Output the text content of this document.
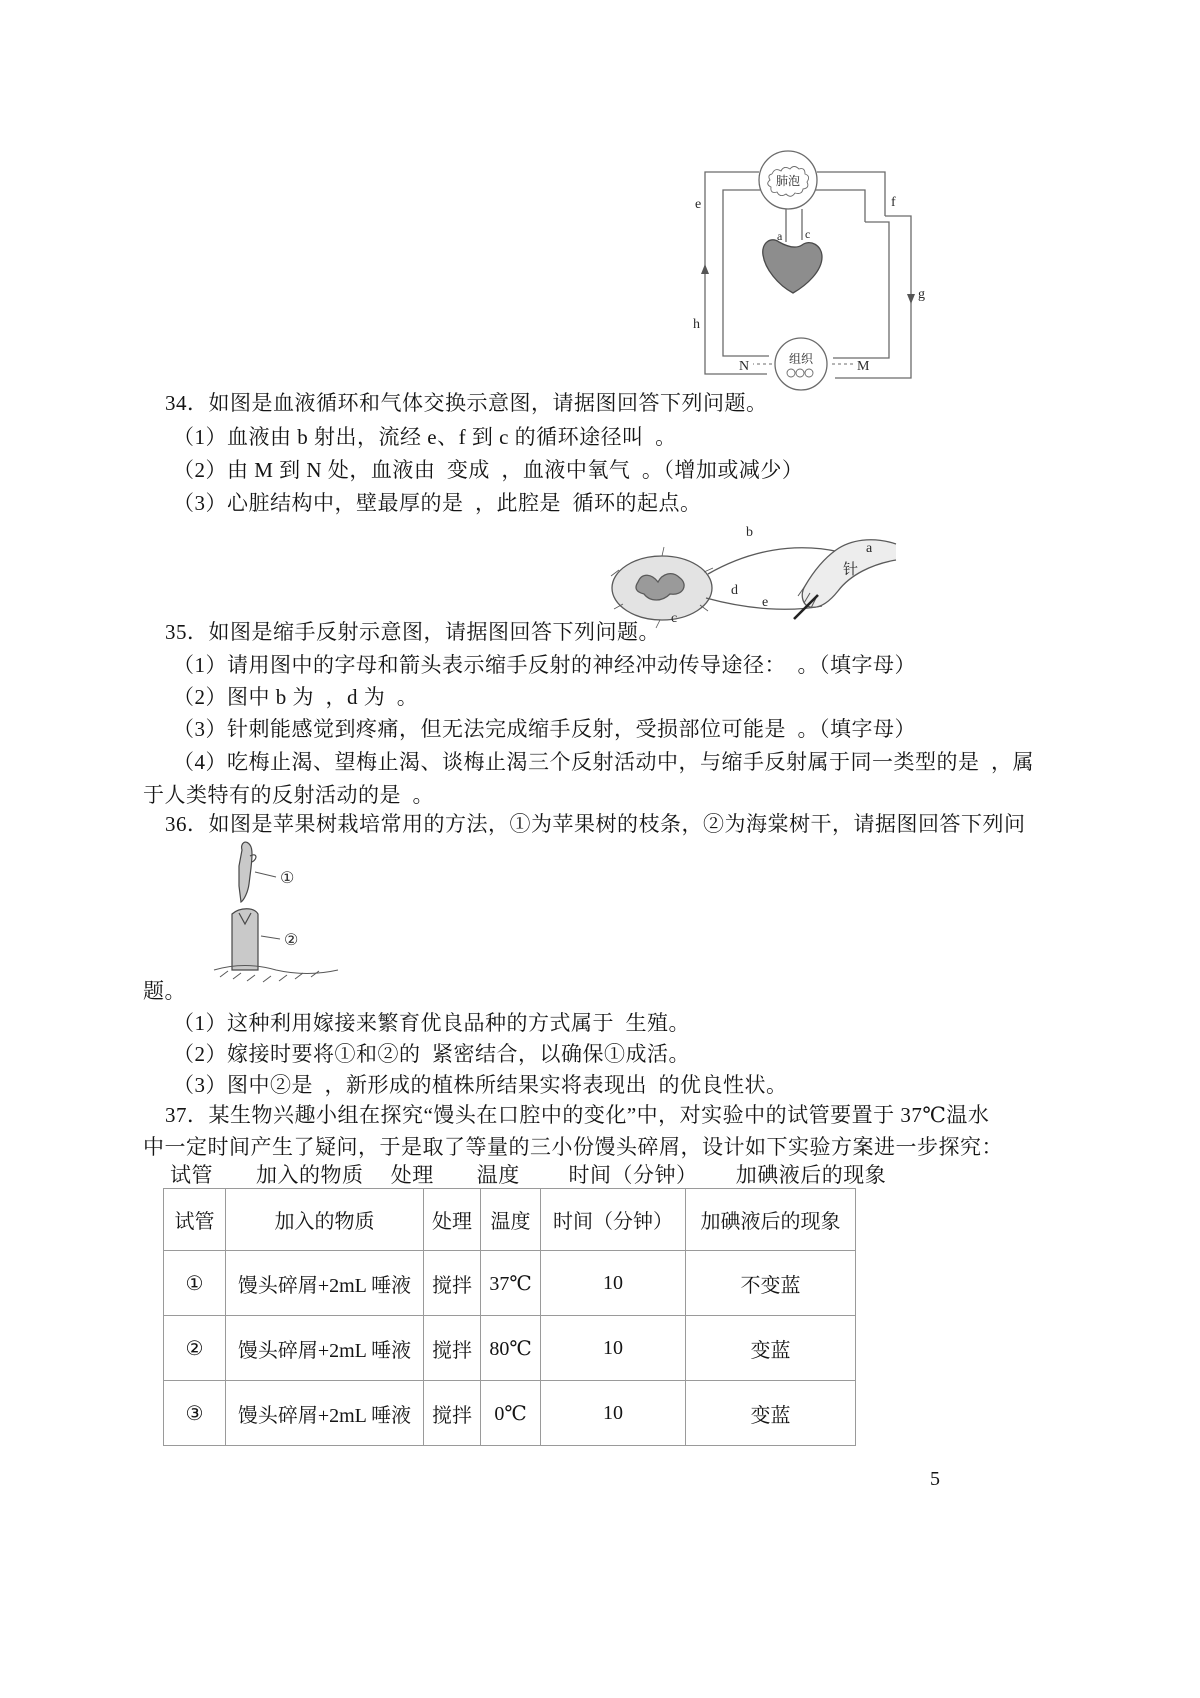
e	f
g
h
N	M
a c
肺泡
组织
34．如图是血液循环和气体交换示意图，请据图回答下列问题。
（1）血液由 b 射出，流经 e、f 到 c 的循环途径叫  。
（2）由 M 到 N 处，血液由  变成  ，血液中氧气  。（增加或减少）
（3）心脏结构中，壁最厚的是  ，此腔是  循环的起点。
b
a
d
e
c
针
35．如图是缩手反射示意图，请据图回答下列问题。
（1）请用图中的字母和箭头表示缩手反射的神经冲动传导途径：  。（填字母）
（2）图中 b 为  ，d 为  。
（3）针刺能感觉到疼痛，但无法完成缩手反射，受损部位可能是  。（填字母）
（4）吃梅止渴、望梅止渴、谈梅止渴三个反射活动中，与缩手反射属于同一类型的是  ，属
于人类特有的反射活动的是  。
36．如图是苹果树栽培常用的方法，①为苹果树的枝条，②为海棠树干，请据图回答下列问
①
②
题。
（1）这种利用嫁接来繁育优良品种的方式属于  生殖。
（2）嫁接时要将①和②的  紧密结合，以确保①成活。
（3）图中②是  ，新形成的植株所结果实将表现出  的优良性状。
37．某生物兴趣小组在探究“馒头在口腔中的变化”中，对实验中的试管要置于 37℃温水
中一定时间产生了疑问，于是取了等量的三小份馒头碎屑，设计如下实验方案进一步探究：
试管　　加入的物质　 处理　　温度　　 时间（分钟）　　 加碘液后的现象
试管	加入的物质	处理	温度	时间（分钟）	加碘液后的现象
①	馒头碎屑+2mL 唾液	搅拌	37℃	10	不变蓝
②	馒头碎屑+2mL 唾液	搅拌	80℃	10	变蓝
③	馒头碎屑+2mL 唾液	搅拌	0℃	10	变蓝
5
